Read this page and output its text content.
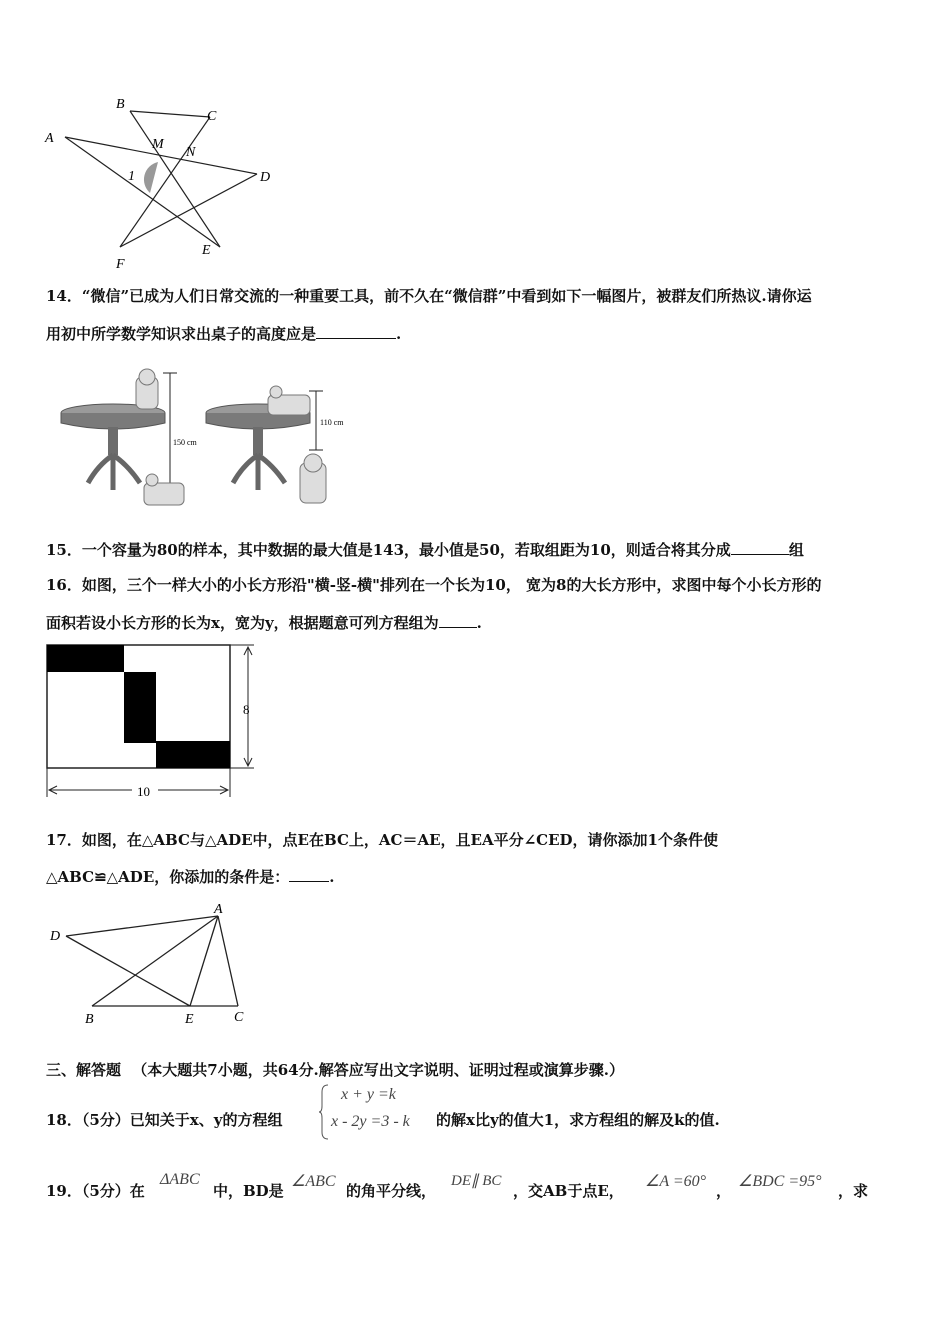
B
C
A	M
N
1	D
F
E
14．“微信”已成为人们日常交流的一种重要工具，前不久在“微信群”中看到如下一幅图片，被群友们所热议.请你运
用初中所学数学知识求出桌子的高度应是	.
150 cm
110 cm
15．一个容量为80的样本，其中数据的最大值是143，最小值是50，若取组距为10，则适合将其分成	组
16．如图，三个一样大小的小长方形沿"横-竖-横"排列在一个长为10， 宽为8的大长方形中，求图中每个小长方形的
面积若设小长方形的长为x，宽为y，根据题意可列方程组为	.
8
10
17．如图，在△ABC与△ADE中，点E在BC上，AC＝AE，且EA平分∠CED，请你添加1个条件使
△ABC≌△ADE，你添加的条件是：	.
A
D
B	E	C
三、解答题 （本大题共7小题，共64分.解答应写出文字说明、证明过程或演算步骤.）
18．（5分）已知关于x、y的方程组
x + y =k
x - 2y =3 - k 的解x比y的值大1，求方程组的解及k的值.
19．（5分）在
ΔABC
中，BD是
∠ABC
的角平分线，
DE∥ BC
，交AB于点E，
∠A =60°
，
∠BDC =95°
，求
